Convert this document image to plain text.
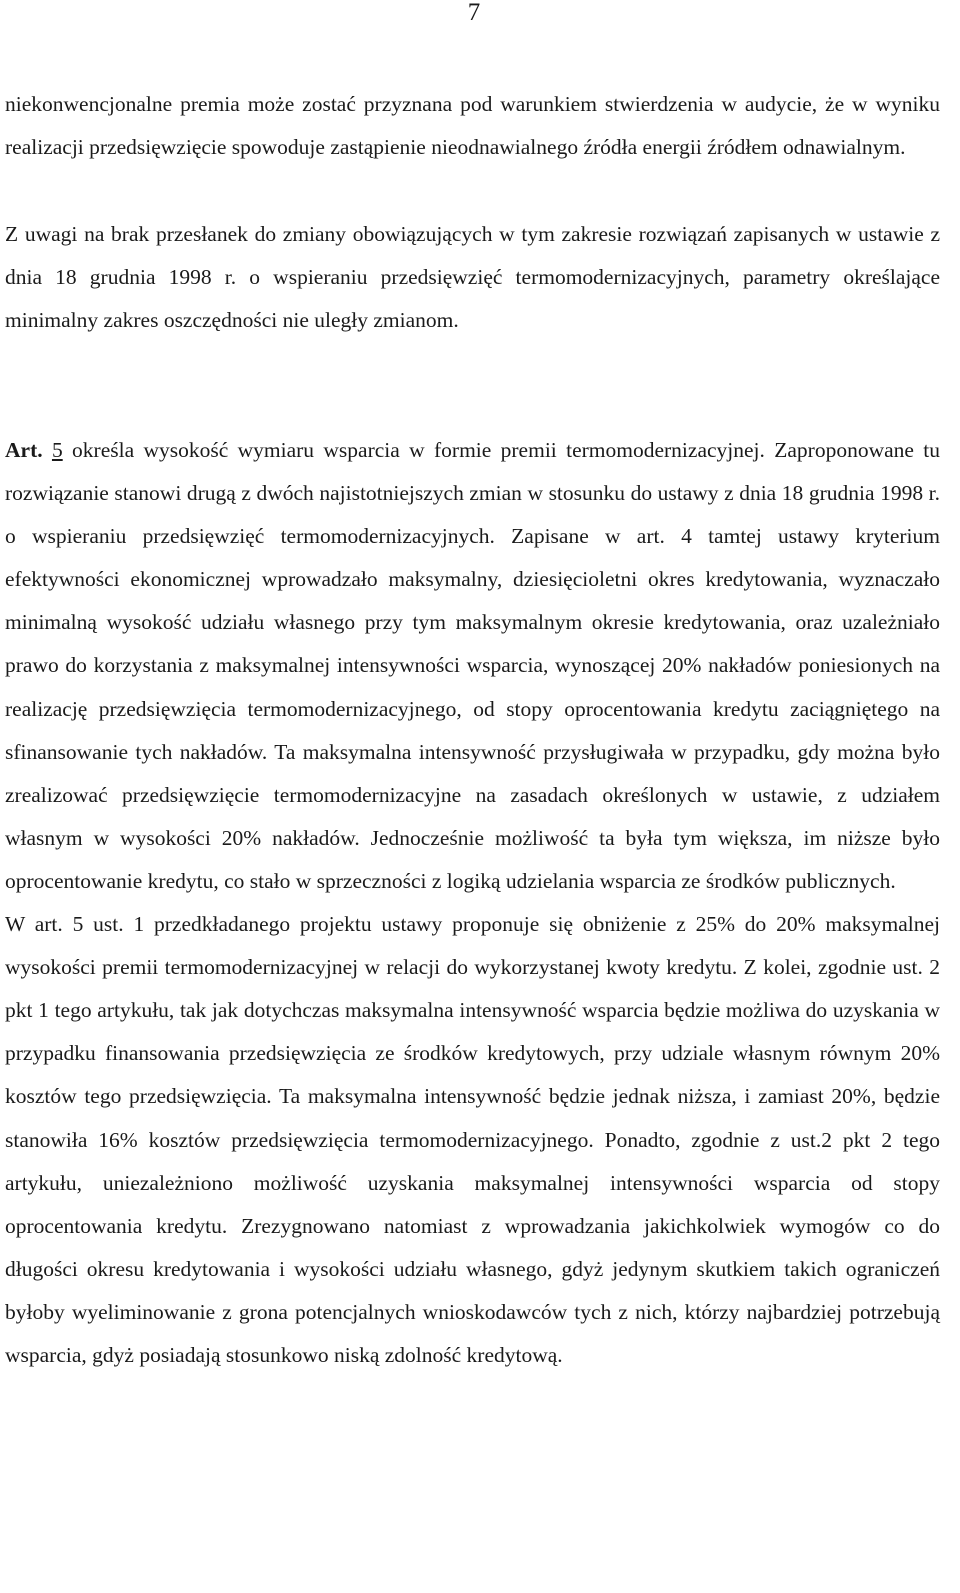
7

niekonwencjonalne premia może zostać przyznana pod warunkiem stwierdzenia w audycie, że w wyniku realizacji przedsięwzięcie spowoduje zastąpienie nieodnawialnego źródła energii źródłem odnawialnym.

Z uwagi na brak przesłanek do zmiany obowiązujących w tym zakresie rozwiązań zapisanych w ustawie z dnia 18 grudnia 1998 r. o wspieraniu przedsięwzięć termomodernizacyjnych, parametry określające minimalny zakres oszczędności nie uległy zmianom.

Art. 5 określa wysokość wymiaru wsparcia w formie premii termomodernizacyjnej. Zaproponowane tu rozwiązanie stanowi drugą z dwóch najistotniejszych zmian w stosunku do ustawy z dnia 18 grudnia 1998 r. o wspieraniu przedsięwzięć termomodernizacyjnych. Zapisane w art. 4 tamtej ustawy kryterium efektywności ekonomicznej wprowadzało maksymalny, dziesięcioletni okres kredytowania, wyznaczało minimalną wysokość udziału własnego przy tym maksymalnym okresie kredytowania, oraz uzależniało prawo do korzystania z maksymalnej intensywności wsparcia, wynoszącej 20% nakładów poniesionych na realizację przedsięwzięcia termomodernizacyjnego, od stopy oprocentowania kredytu zaciągniętego na sfinansowanie tych nakładów. Ta maksymalna intensywność przysługiwała w przypadku, gdy można było zrealizować przedsięwzięcie termomodernizacyjne na zasadach określonych w ustawie, z udziałem własnym w wysokości 20% nakładów. Jednocześnie możliwość ta była tym większa, im niższe było oprocentowanie kredytu, co stało w sprzeczności z logiką udzielania wsparcia ze środków publicznych.
W art. 5 ust. 1 przedkładanego projektu ustawy proponuje się obniżenie z 25% do 20% maksymalnej wysokości premii termomodernizacyjnej w relacji do wykorzystanej kwoty kredytu. Z kolei, zgodnie ust. 2 pkt 1 tego artykułu, tak jak dotychczas maksymalna intensywność wsparcia będzie możliwa do uzyskania w przypadku finansowania przedsięwzięcia ze środków kredytowych, przy udziale własnym równym 20% kosztów tego przedsięwzięcia. Ta maksymalna intensywność będzie jednak niższa, i zamiast 20%, będzie stanowiła 16% kosztów przedsięwzięcia termomodernizacyjnego. Ponadto, zgodnie z ust.2 pkt 2 tego artykułu, uniezależniono możliwość uzyskania maksymalnej intensywności wsparcia od stopy oprocentowania kredytu. Zrezygnowano natomiast z wprowadzania jakichkolwiek wymogów co do długości okresu kredytowania i wysokości udziału własnego, gdyż jedynym skutkiem takich ograniczeń byłoby wyeliminowanie z grona potencjalnych wnioskodawców tych z nich, którzy najbardziej potrzebują wsparcia, gdyż posiadają stosunkowo niską zdolność kredytową.
